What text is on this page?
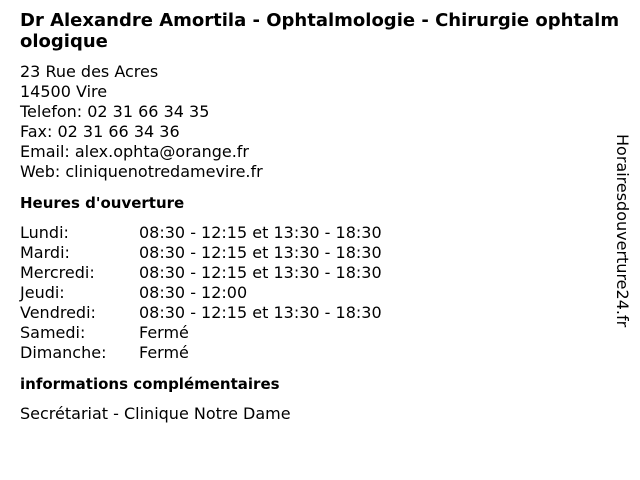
Dr Alexandre Amortila - Ophtalmologie - Chirurgie ophtalmologique
23 Rue des Acres
14500 Vire
Telefon: 02 31 66 34 35
Fax: 02 31 66 34 36
Email: alex.ophta@orange.fr
Web: cliniquenotredamevire.fr
Heures d'ouverture
Lundi:	08:30 - 12:15 et 13:30 - 18:30
Mardi:	08:30 - 12:15 et 13:30 - 18:30
Mercredi:	08:30 - 12:15 et 13:30 - 18:30
Jeudi:	08:30 - 12:00
Vendredi:	08:30 - 12:15 et 13:30 - 18:30
Samedi:	Fermé
Dimanche:	Fermé
informations complémentaires
Secrétariat - Clinique Notre Dame
Horairesdouverture24.fr
